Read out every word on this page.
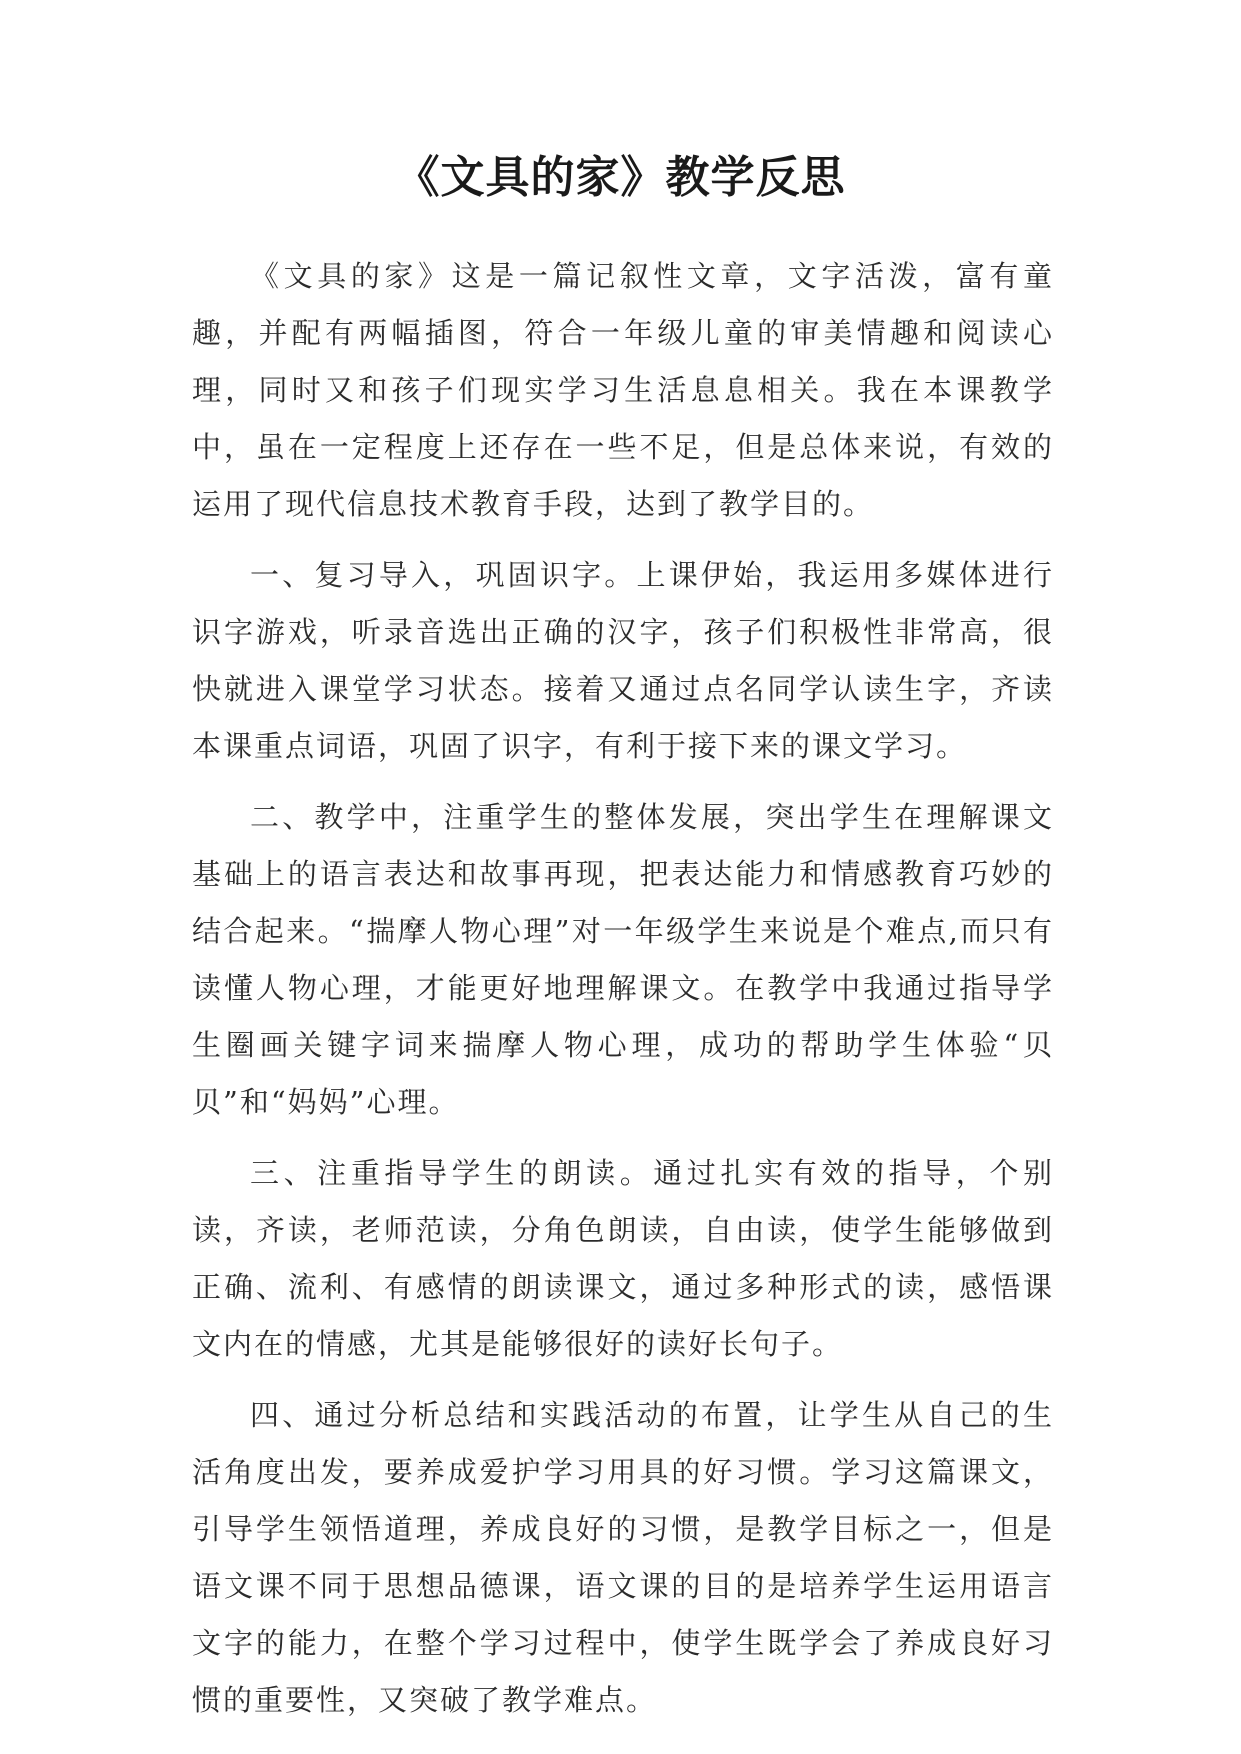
《文具的家》教学反思

《文具的家》这是一篇记叙性文章，文字活泼，富有童趣，并配有两幅插图，符合一年级儿童的审美情趣和阅读心理，同时又和孩子们现实学习生活息息相关。我在本课教学中，虽在一定程度上还存在一些不足，但是总体来说，有效的运用了现代信息技术教育手段，达到了教学目的。

一、复习导入，巩固识字。上课伊始，我运用多媒体进行识字游戏，听录音选出正确的汉字，孩子们积极性非常高，很快就进入课堂学习状态。接着又通过点名同学认读生字，齐读本课重点词语，巩固了识字，有利于接下来的课文学习。

二、教学中，注重学生的整体发展，突出学生在理解课文基础上的语言表达和故事再现，把表达能力和情感教育巧妙的结合起来。“揣摩人物心理”对一年级学生来说是个难点,而只有读懂人物心理，才能更好地理解课文。在教学中我通过指导学生圈画关键字词来揣摩人物心理，成功的帮助学生体验“贝贝”和“妈妈”心理。

三、注重指导学生的朗读。通过扎实有效的指导，个别读，齐读，老师范读，分角色朗读，自由读，使学生能够做到正确、流利、有感情的朗读课文，通过多种形式的读，感悟课文内在的情感，尤其是能够很好的读好长句子。

四、通过分析总结和实践活动的布置，让学生从自己的生活角度出发，要养成爱护学习用具的好习惯。学习这篇课文，引导学生领悟道理，养成良好的习惯，是教学目标之一，但是语文课不同于思想品德课，语文课的目的是培养学生运用语言文字的能力，在整个学习过程中，使学生既学会了养成良好习惯的重要性，又突破了教学难点。
